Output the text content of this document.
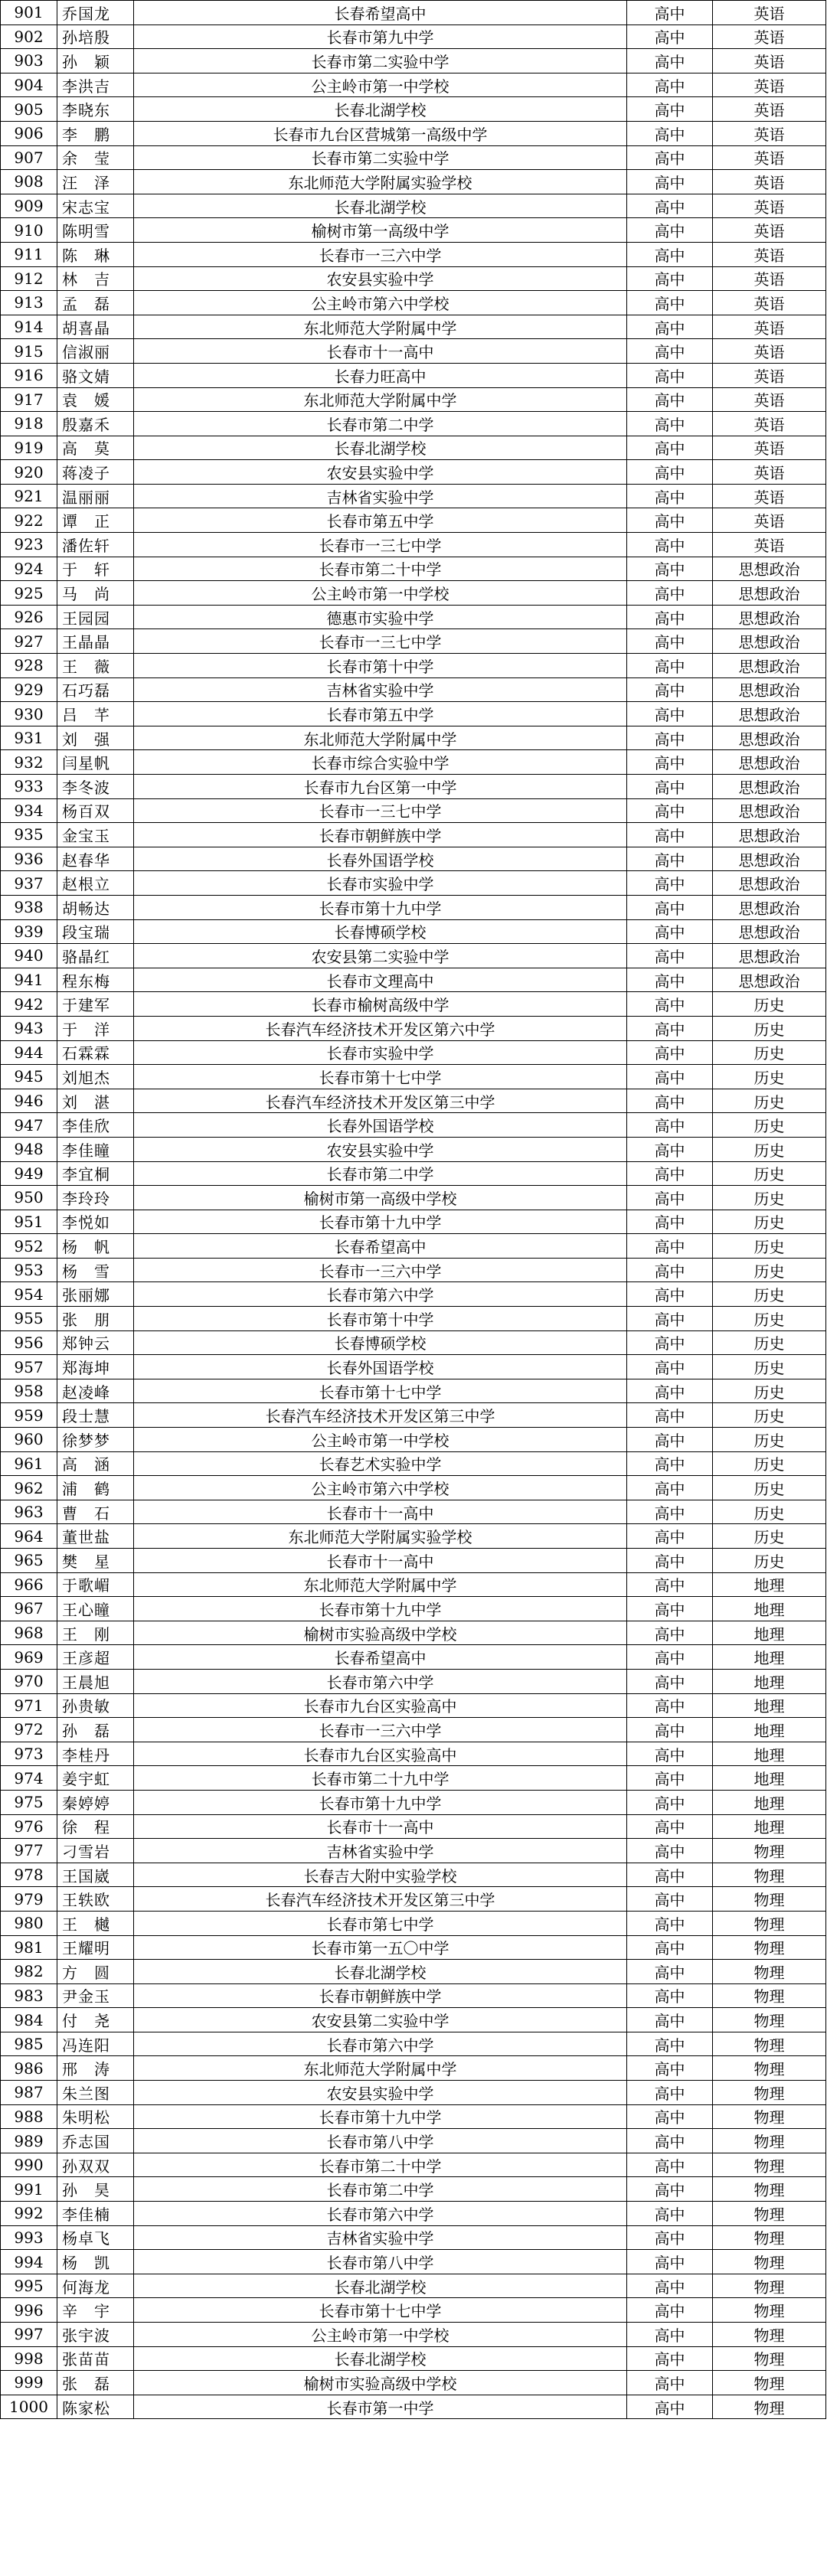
901	乔国龙	长春希望高中	高中	英语
902	孙培殷	长春市第九中学	高中	英语
903	孙　颖	长春市第二实验中学	高中	英语
904	李洪吉	公主岭市第一中学校	高中	英语
905	李晓东	长春北湖学校	高中	英语
906	李　鹏	长春市九台区营城第一高级中学	高中	英语
907	余　莹	长春市第二实验中学	高中	英语
908	汪　泽	东北师范大学附属实验学校	高中	英语
909	宋志宝	长春北湖学校	高中	英语
910	陈明雪	榆树市第一高级中学	高中	英语
911	陈　琳	长春市一三六中学	高中	英语
912	林　吉	农安县实验中学	高中	英语
913	孟　磊	公主岭市第六中学校	高中	英语
914	胡喜晶	东北师范大学附属中学	高中	英语
915	信淑丽	长春市十一高中	高中	英语
916	骆文婧	长春力旺高中	高中	英语
917	袁　媛	东北师范大学附属中学	高中	英语
918	殷嘉禾	长春市第二中学	高中	英语
919	高　莫	长春北湖学校	高中	英语
920	蒋凌子	农安县实验中学	高中	英语
921	温丽丽	吉林省实验中学	高中	英语
922	谭　正	长春市第五中学	高中	英语
923	潘佐轩	长春市一三七中学	高中	英语
924	于　轩	长春市第二十中学	高中	思想政治
925	马　尚	公主岭市第一中学校	高中	思想政治
926	王园园	德惠市实验中学	高中	思想政治
927	王晶晶	长春市一三七中学	高中	思想政治
928	王　薇	长春市第十中学	高中	思想政治
929	石巧磊	吉林省实验中学	高中	思想政治
930	吕　芊	长春市第五中学	高中	思想政治
931	刘　强	东北师范大学附属中学	高中	思想政治
932	闫星帆	长春市综合实验中学	高中	思想政治
933	李冬波	长春市九台区第一中学	高中	思想政治
934	杨百双	长春市一三七中学	高中	思想政治
935	金宝玉	长春市朝鲜族中学	高中	思想政治
936	赵春华	长春外国语学校	高中	思想政治
937	赵根立	长春市实验中学	高中	思想政治
938	胡畅达	长春市第十九中学	高中	思想政治
939	段宝瑞	长春博硕学校	高中	思想政治
940	骆晶红	农安县第二实验中学	高中	思想政治
941	程东梅	长春市文理高中	高中	思想政治
942	于建军	长春市榆树高级中学	高中	历史
943	于　洋	长春汽车经济技术开发区第六中学	高中	历史
944	石霖霖	长春市实验中学	高中	历史
945	刘旭杰	长春市第十七中学	高中	历史
946	刘　湛	长春汽车经济技术开发区第三中学	高中	历史
947	李佳欣	长春外国语学校	高中	历史
948	李佳瞳	农安县实验中学	高中	历史
949	李宜桐	长春市第二中学	高中	历史
950	李玲玲	榆树市第一高级中学校	高中	历史
951	李悦如	长春市第十九中学	高中	历史
952	杨　帆	长春希望高中	高中	历史
953	杨　雪	长春市一三六中学	高中	历史
954	张丽娜	长春市第六中学	高中	历史
955	张　朋	长春市第十中学	高中	历史
956	郑钟云	长春博硕学校	高中	历史
957	郑海坤	长春外国语学校	高中	历史
958	赵凌峰	长春市第十七中学	高中	历史
959	段士慧	长春汽车经济技术开发区第三中学	高中	历史
960	徐梦梦	公主岭市第一中学校	高中	历史
961	高　涵	长春艺术实验中学	高中	历史
962	浦　鹤	公主岭市第六中学校	高中	历史
963	曹　石	长春市十一高中	高中	历史
964	董世盐	东北师范大学附属实验学校	高中	历史
965	樊　星	长春市十一高中	高中	历史
966	于歌嵋	东北师范大学附属中学	高中	地理
967	王心瞳	长春市第十九中学	高中	地理
968	王　刚	榆树市实验高级中学校	高中	地理
969	王彦超	长春希望高中	高中	地理
970	王晨旭	长春市第六中学	高中	地理
971	孙贵敏	长春市九台区实验高中	高中	地理
972	孙　磊	长春市一三六中学	高中	地理
973	李桂丹	长春市九台区实验高中	高中	地理
974	姜宇虹	长春市第二十九中学	高中	地理
975	秦婷婷	长春市第十九中学	高中	地理
976	徐　程	长春市十一高中	高中	地理
977	刁雪岩	吉林省实验中学	高中	物理
978	王国崴	长春吉大附中实验学校	高中	物理
979	王轶欧	长春汽车经济技术开发区第三中学	高中	物理
980	王　樾	长春市第七中学	高中	物理
981	王耀明	长春市第一五〇中学	高中	物理
982	方　圆	长春北湖学校	高中	物理
983	尹金玉	长春市朝鲜族中学	高中	物理
984	付　尧	农安县第二实验中学	高中	物理
985	冯连阳	长春市第六中学	高中	物理
986	邢　涛	东北师范大学附属中学	高中	物理
987	朱兰图	农安县实验中学	高中	物理
988	朱明松	长春市第十九中学	高中	物理
989	乔志国	长春市第八中学	高中	物理
990	孙双双	长春市第二十中学	高中	物理
991	孙　昊	长春市第二中学	高中	物理
992	李佳楠	长春市第六中学	高中	物理
993	杨卓飞	吉林省实验中学	高中	物理
994	杨　凯	长春市第八中学	高中	物理
995	何海龙	长春北湖学校	高中	物理
996	辛　宇	长春市第十七中学	高中	物理
997	张宇波	公主岭市第一中学校	高中	物理
998	张苗苗	长春北湖学校	高中	物理
999	张　磊	榆树市实验高级中学校	高中	物理
1000	陈家松	长春市第一中学	高中	物理
